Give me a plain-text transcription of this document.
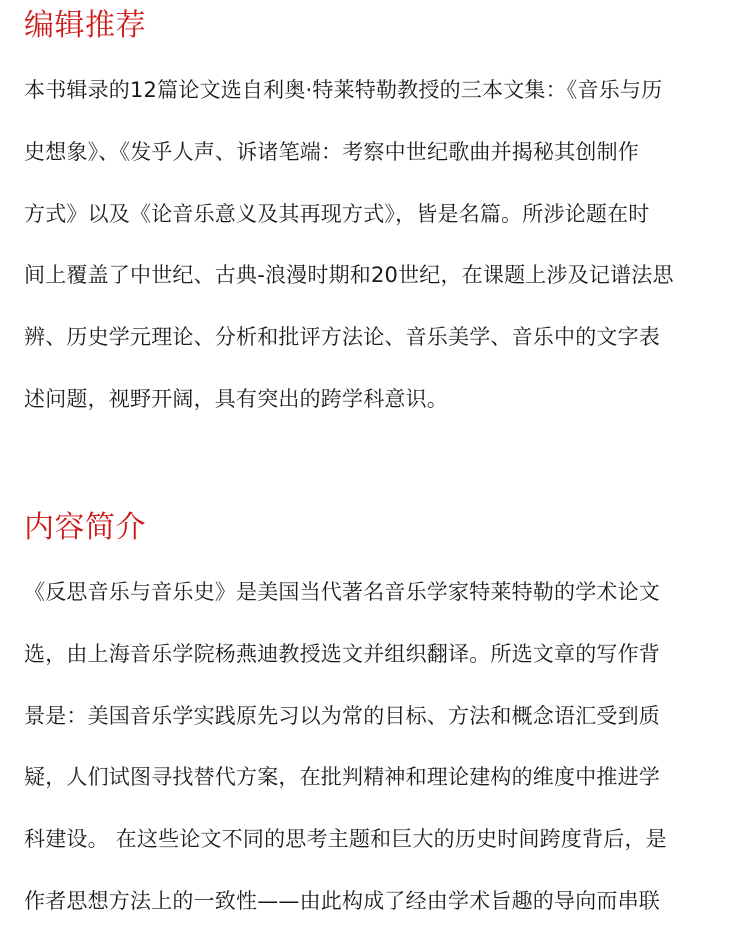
编辑推荐
本书辑录的12篇论文选自利奥·特莱特勒教授的三本文集：《音乐与历
史想象》、《发乎人声、诉诸笔端：考察中世纪歌曲并揭秘其创制作
方式》以及《论音乐意义及其再现方式》，皆是名篇。所涉论题在时
间上覆盖了中世纪、古典-浪漫时期和20世纪，在课题上涉及记谱法思
辨、历史学元理论、分析和批评方法论、音乐美学、音乐中的文字表
述问题，视野开阔，具有突出的跨学科意识。
内容简介
《反思音乐与音乐史》是美国当代著名音乐学家特莱特勒的学术论文
选，由上海音乐学院杨燕迪教授选文并组织翻译。所选文章的写作背
景是：美国音乐学实践原先习以为常的目标、方法和概念语汇受到质
疑，人们试图寻找替代方案，在批判精神和理论建构的维度中推进学
科建设。 在这些论文不同的思考主题和巨大的历史时间跨度背后，是
作者思想方法上的一致性——由此构成了经由学术旨趣的导向而串联
